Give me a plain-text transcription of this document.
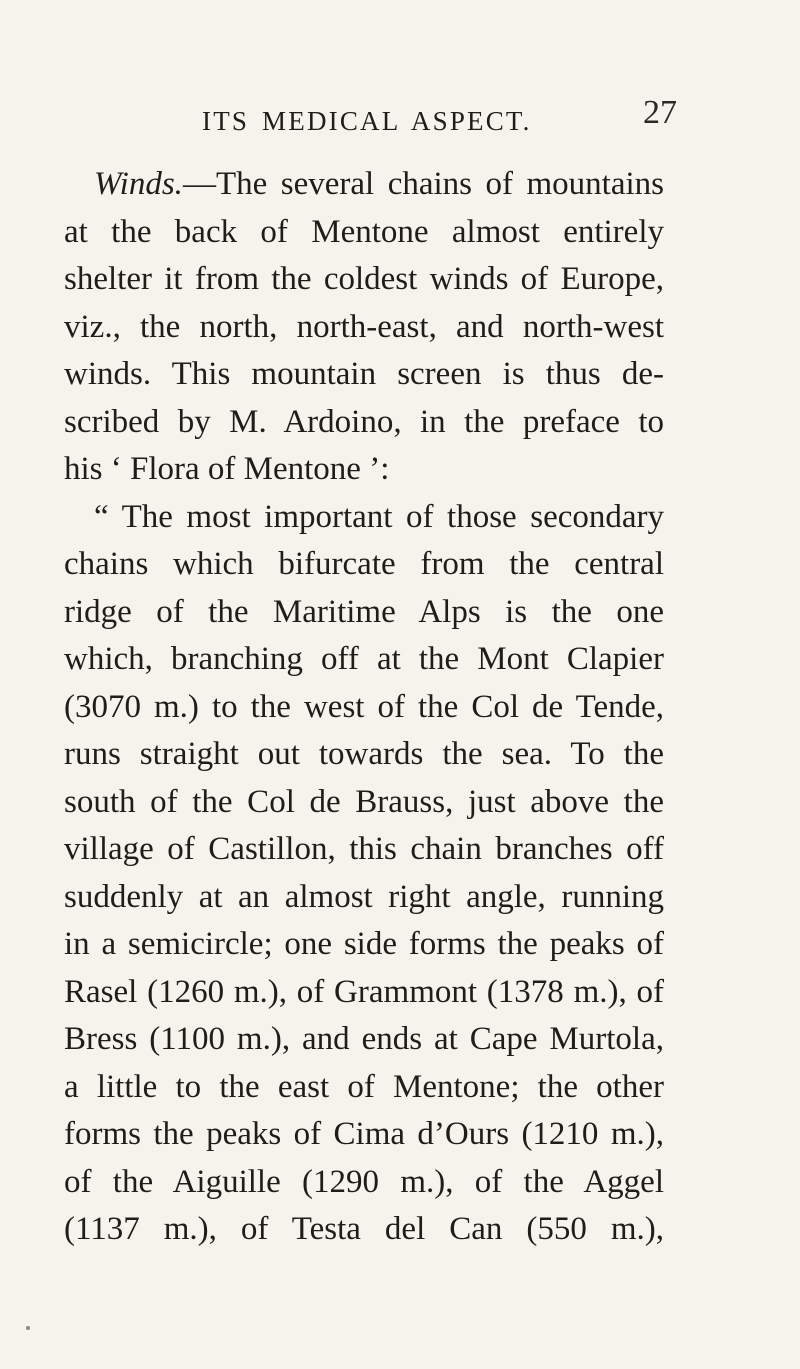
ITS MEDICAL ASPECT.	27
Winds.—The several chains of mountains
at the back of Mentone almost entirely
shelter it from the coldest winds of Europe,
viz., the north, north-east, and north-west
winds. This mountain screen is thus de-
scribed by M. Ardoino, in the preface to
his ‘ Flora of Mentone ’:
“ The most important of those secondary
chains which bifurcate from the central
ridge of the Maritime Alps is the one
which, branching off at the Mont Clapier
(3070 m.) to the west of the Col de Tende,
runs straight out towards the sea. To the
south of the Col de Brauss, just above the
village of Castillon, this chain branches off
suddenly at an almost right angle, running
in a semicircle; one side forms the peaks of
Rasel (1260 m.), of Grammont (1378 m.), of
Bress (1100 m.), and ends at Cape Murtola,
a little to the east of Mentone; the other
forms the peaks of Cima d’Ours (1210 m.),
of the Aiguille (1290 m.), of the Aggel
(1137 m.), of Testa del Can (550 m.),
